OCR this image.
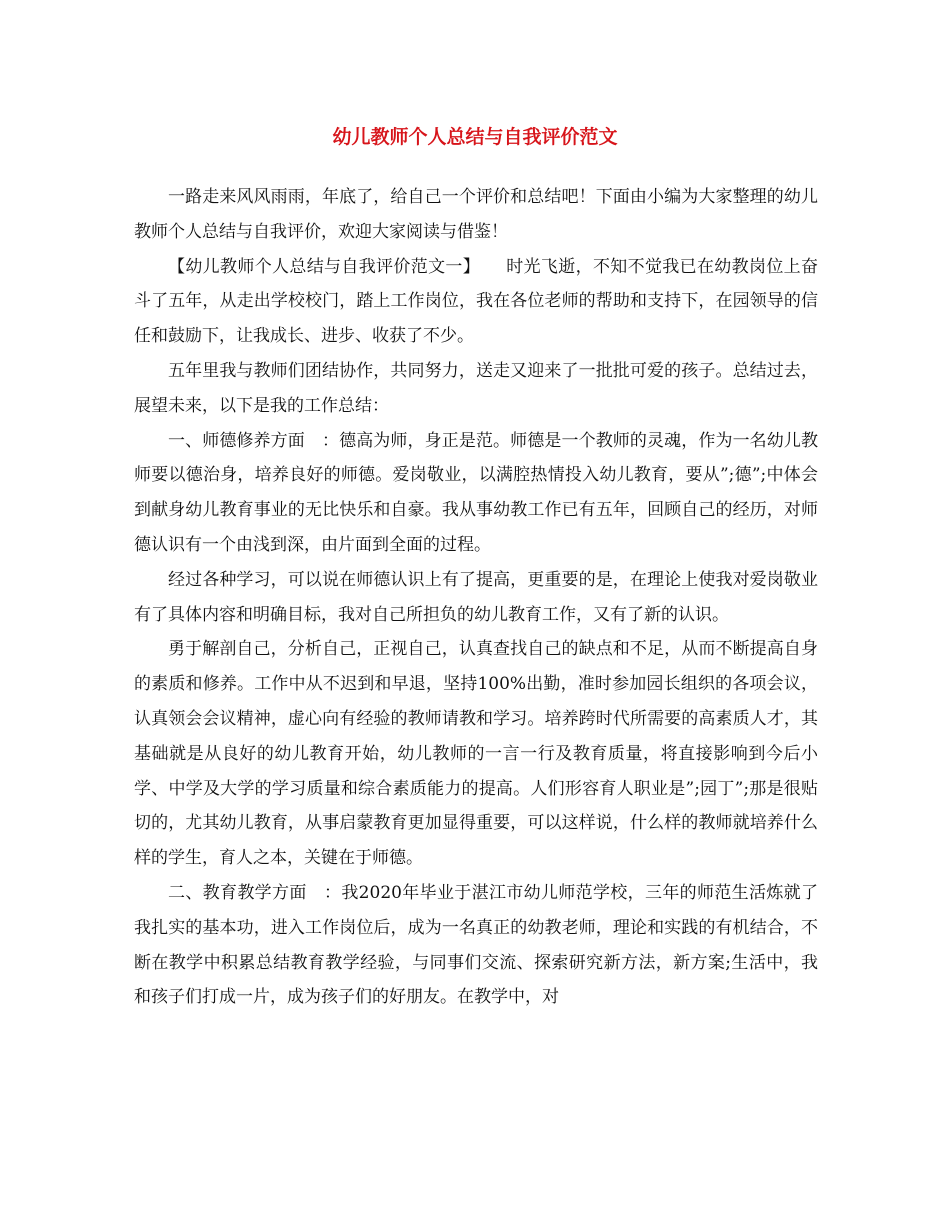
幼儿教师个人总结与自我评价范文

一路走来风风雨雨，年底了，给自己一个评价和总结吧！下面由小编为大家整理的幼儿教师个人总结与自我评价，欢迎大家阅读与借鉴！

【幼儿教师个人总结与自我评价范文一】　　时光飞逝，不知不觉我已在幼教岗位上奋斗了五年，从走出学校校门，踏上工作岗位，我在各位老师的帮助和支持下，在园领导的信任和鼓励下，让我成长、进步、收获了不少。

五年里我与教师们团结协作，共同努力，送走又迎来了一批批可爱的孩子。总结过去，展望未来，以下是我的工作总结：

一、师德修养方面　：德高为师，身正是范。师德是一个教师的灵魂，作为一名幼儿教师要以德治身，培养良好的师德。爱岗敬业，以满腔热情投入幼儿教育，要从”;德”;中体会到献身幼儿教育事业的无比快乐和自豪。我从事幼教工作已有五年，回顾自己的经历，对师德认识有一个由浅到深，由片面到全面的过程。

经过各种学习，可以说在师德认识上有了提高，更重要的是，在理论上使我对爱岗敬业有了具体内容和明确目标，我对自己所担负的幼儿教育工作，又有了新的认识。

勇于解剖自己，分析自己，正视自己，认真查找自己的缺点和不足，从而不断提高自身的素质和修养。工作中从不迟到和早退，坚持100%出勤，准时参加园长组织的各项会议，认真领会会议精神，虚心向有经验的教师请教和学习。培养跨时代所需要的高素质人才，其基础就是从良好的幼儿教育开始，幼儿教师的一言一行及教育质量，将直接影响到今后小学、中学及大学的学习质量和综合素质能力的提高。人们形容育人职业是”;园丁”;那是很贴切的，尤其幼儿教育，从事启蒙教育更加显得重要，可以这样说，什么样的教师就培养什么样的学生，育人之本，关键在于师德。

二、教育教学方面　：我2020年毕业于湛江市幼儿师范学校，三年的师范生活炼就了我扎实的基本功，进入工作岗位后，成为一名真正的幼教老师，理论和实践的有机结合，不断在教学中积累总结教育教学经验，与同事们交流、探索研究新方法，新方案;生活中，我和孩子们打成一片，成为孩子们的好朋友。在教学中，对
